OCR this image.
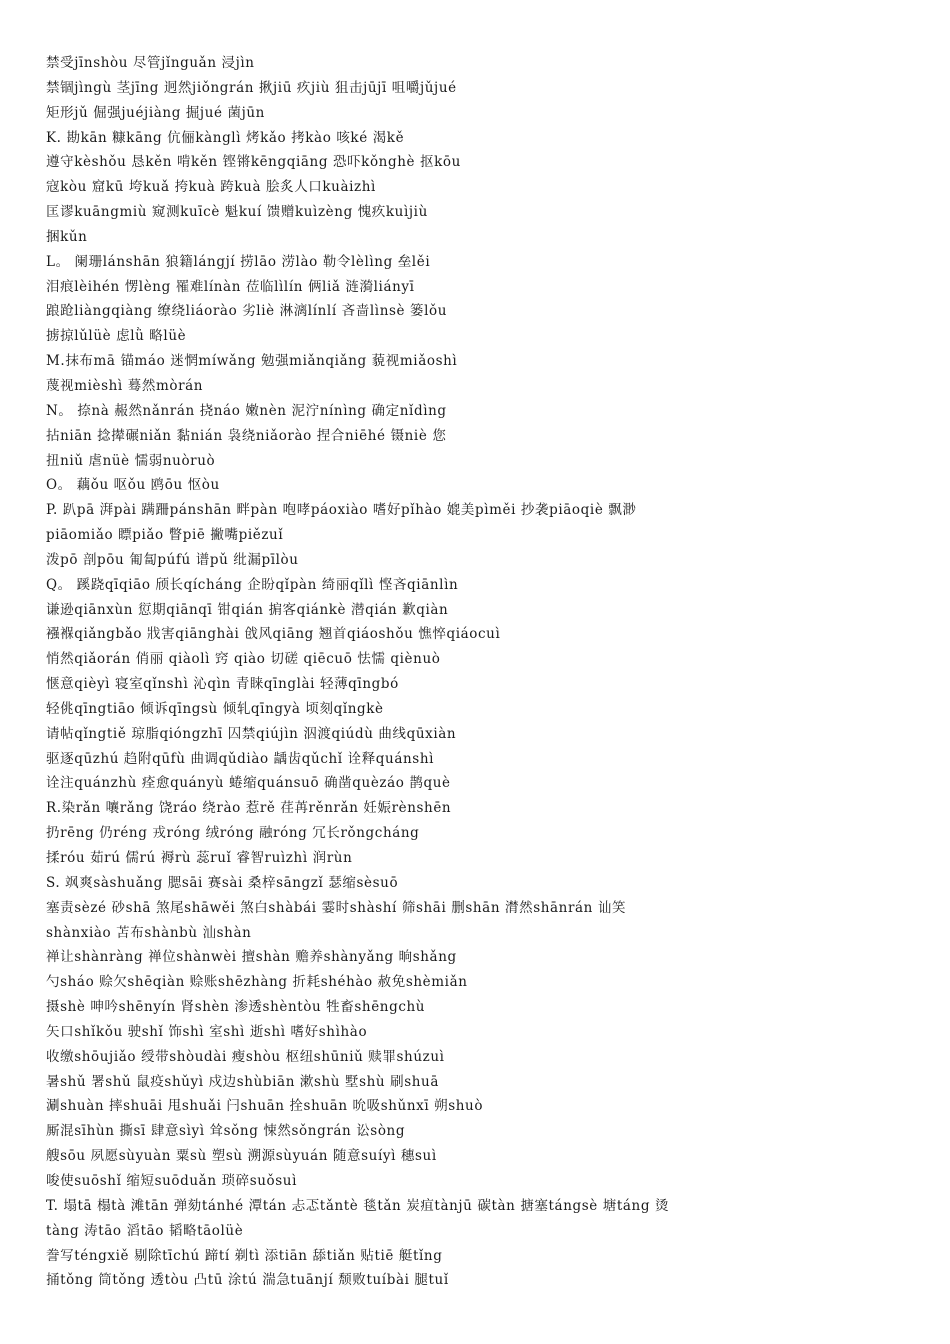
禁受jīnshòu 尽管jǐnguǎn 浸jìn
禁锢jìngù 茎jīng 迥然jiǒngrán 揪jiū 疚jiù 狙击jūjī 咀嚼jǔjué
矩形jǔ 倔强juéjiàng 掘jué 菌jūn
K. 勘kān 糠kāng 伉俪kànglì 烤kǎo 拷kào 咳ké 渴kě
遵守kèshǒu 恳kěn 啃kěn 铿锵kēngqiāng 恐吓kǒnghè 抠kōu
寇kòu 窟kū 垮kuǎ 挎kuà 跨kuà 脍炙人口kuàizhì
匡谬kuāngmiù 窥测kuīcè 魁kuí 馈赠kuìzèng 愧疚kuìjiù
捆kǔn
L。 阑珊lánshān 狼籍lángjí 捞lāo 涝lào 勒令lèlìng 垒lěi
泪痕lèihén 愣lèng 罹难línàn 莅临lìlín 俩liǎ 涟漪liányī
踉跄liàngqiàng 缭绕liáorào 劣liè 淋漓línlí 吝啬lìnsè 篓lǒu
掳掠lǔlüè 虑lǜ 略lüè
M.抹布mā 锚máo 迷惘míwǎng 勉强miǎnqiǎng 藐视miǎoshì
蔑视mièshì 蓦然mòrán
N。 捺nà 赧然nǎnrán 挠náo 嫩nèn 泥泞nínìng 确定nǐdìng
拈niān 捻撵碾niǎn 黏nián 袅绕niǎorào 捏合niēhé 镊niè 您
扭niǔ 虐nüè 懦弱nuòruò
O。 藕ǒu 呕ǒu 鸥ōu 怄òu
P. 趴pā 湃pài 蹒跚pánshān 畔pàn 咆哮páoxiào 嗜好pǐhào 媲美pìměi 抄袭piāoqiè 飘渺
piāomiǎo 瞟piǎo 瞥piē 撇嘴piězuǐ
泼pō 剖pōu 匍匐púfú 谱pǔ 纰漏pīlòu
Q。 蹊跷qīqiāo 颀长qícháng 企盼qǐpàn 绮丽qǐlì 悭吝qiānlìn
谦逊qiānxùn 愆期qiānqī 钳qián 掮客qiánkè 潜qián 歉qiàn
襁褓qiǎngbǎo 戕害qiānghài 戗风qiāng 翘首qiáoshǒu 憔悴qiáocuì
悄然qiǎorán 俏丽 qiàolì 窍 qiào 切磋 qiēcuō 怯懦 qiènuò
惬意qièyì 寝室qǐnshì 沁qìn 青睐qīnglài 轻薄qīngbó
轻佻qīngtiāo 倾诉qīngsù 倾轧qīngyà 顷刻qǐngkè
请帖qǐngtiě 琼脂qióngzhī 囚禁qiújìn 泅渡qiúdù 曲线qūxiàn
驱逐qūzhú 趋附qūfù 曲调qǔdiào 龋齿qǔchǐ 诠释quánshì
诠注quánzhù 痊愈quányù 蜷缩quánsuō 确凿quèzáo 鹊què
R.染rǎn 嚷rǎng 饶ráo 绕rào 惹rě 荏苒rěnrǎn 妊娠rènshēn
扔rēng 仍réng 戎róng 绒róng 融róng 冗长rǒngcháng
揉róu 茹rú 儒rú 褥rù 蕊ruǐ 睿智ruìzhì 润rùn
S. 飒爽sàshuǎng 腮sāi 赛sài 桑梓sāngzǐ 瑟缩sèsuō
塞责sèzé 砂shā 煞尾shāwěi 煞白shàbái 霎时shàshí 筛shāi 删shān 潸然shānrán 讪笑
shànxiào 苫布shànbù 汕shàn
禅让shànràng 禅位shànwèi 擅shàn 赡养shànyǎng 晌shǎng
勺sháo 赊欠shēqiàn 赊账shēzhàng 折耗shéhào 赦免shèmiǎn
摄shè 呻吟shēnyín 肾shèn 渗透shèntòu 牲畜shēngchù
矢口shǐkǒu 驶shǐ 饰shì 室shì 逝shì 嗜好shìhào
收缴shōujiǎo 绶带shòudài 瘦shòu 枢纽shūniǔ 赎罪shúzuì
暑shǔ 署shǔ 鼠疫shǔyì 戍边shùbiān 漱shù 墅shù 刷shuā
涮shuàn 摔shuāi 甩shuǎi 闩shuān 拴shuān 吮吸shǔnxī 朔shuò
厮混sīhùn 撕sī 肆意sìyì 耸sǒng 悚然sǒngrán 讼sòng
艘sōu 夙愿sùyuàn 粟sù 塑sù 溯源sùyuán 随意suíyì 穗suì
唆使suōshǐ 缩短suōduǎn 琐碎suǒsuì
T. 塌tā 榻tà 滩tān 弹劾tánhé 潭tán 忐忑tǎntè 毯tǎn 炭疽tànjū 碳tàn 搪塞tángsè 塘táng 烫
tàng 涛tāo 滔tāo 韬略tāolüè
誊写téngxiě 剔除tīchú 蹄tí 剃tì 添tiān 舔tiǎn 贴tiē 艇tǐng
捅tǒng 筒tǒng 透tòu 凸tū 涂tú 湍急tuānjí 颓败tuíbài 腿tuǐ
